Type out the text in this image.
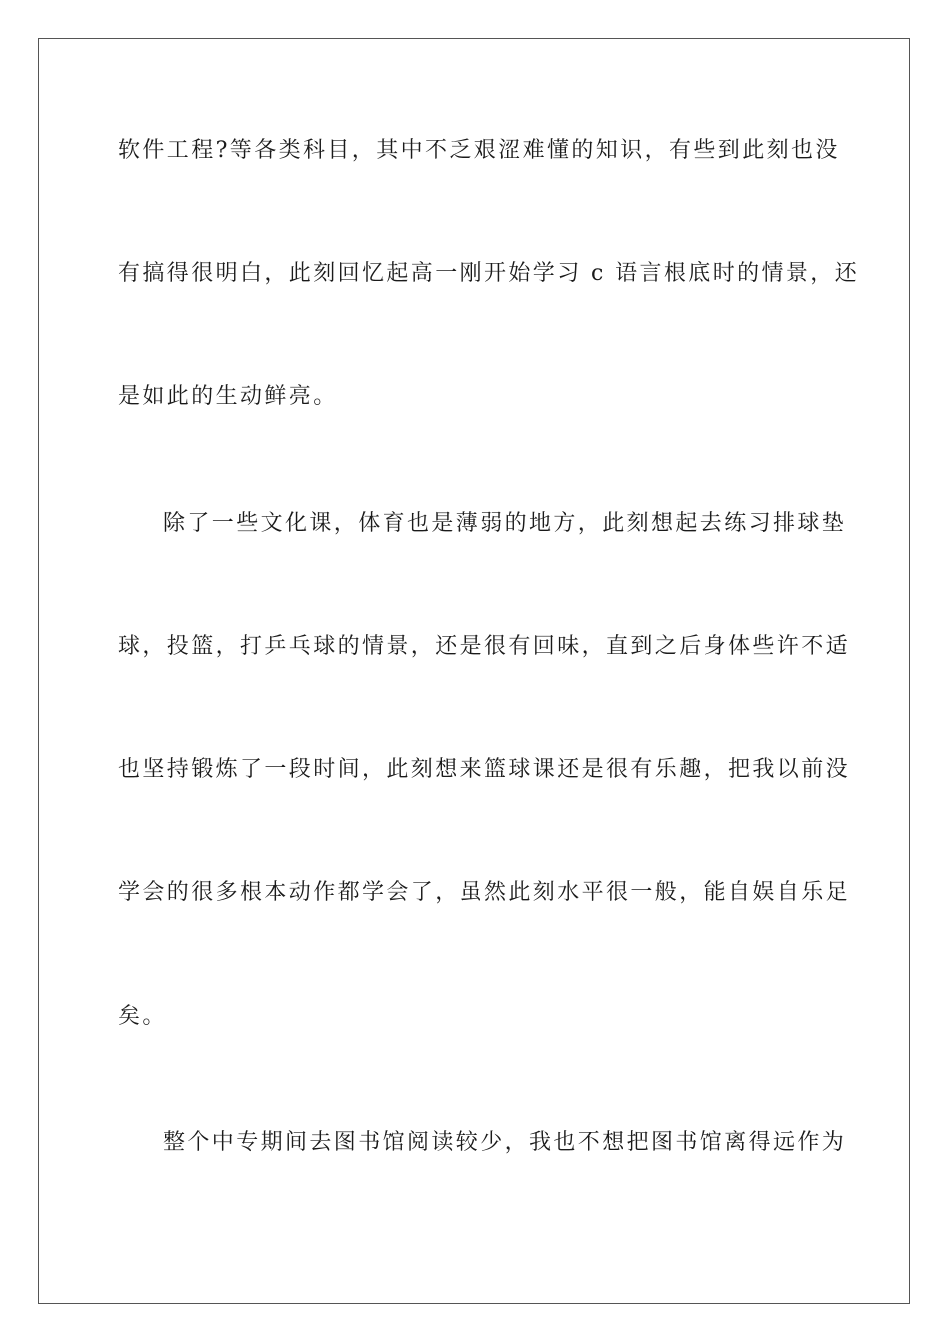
软件工程?等各类科目，其中不乏艰涩难懂的知识，有些到此刻也没
有搞得很明白，此刻回忆起高一刚开始学习 c 语言根底时的情景，还
是如此的生动鲜亮。
除了一些文化课，体育也是薄弱的地方，此刻想起去练习排球垫
球，投篮，打乒乓球的情景，还是很有回味，直到之后身体些许不适
也坚持锻炼了一段时间，此刻想来篮球课还是很有乐趣，把我以前没
学会的很多根本动作都学会了，虽然此刻水平很一般，能自娱自乐足
矣。
整个中专期间去图书馆阅读较少，我也不想把图书馆离得远作为
